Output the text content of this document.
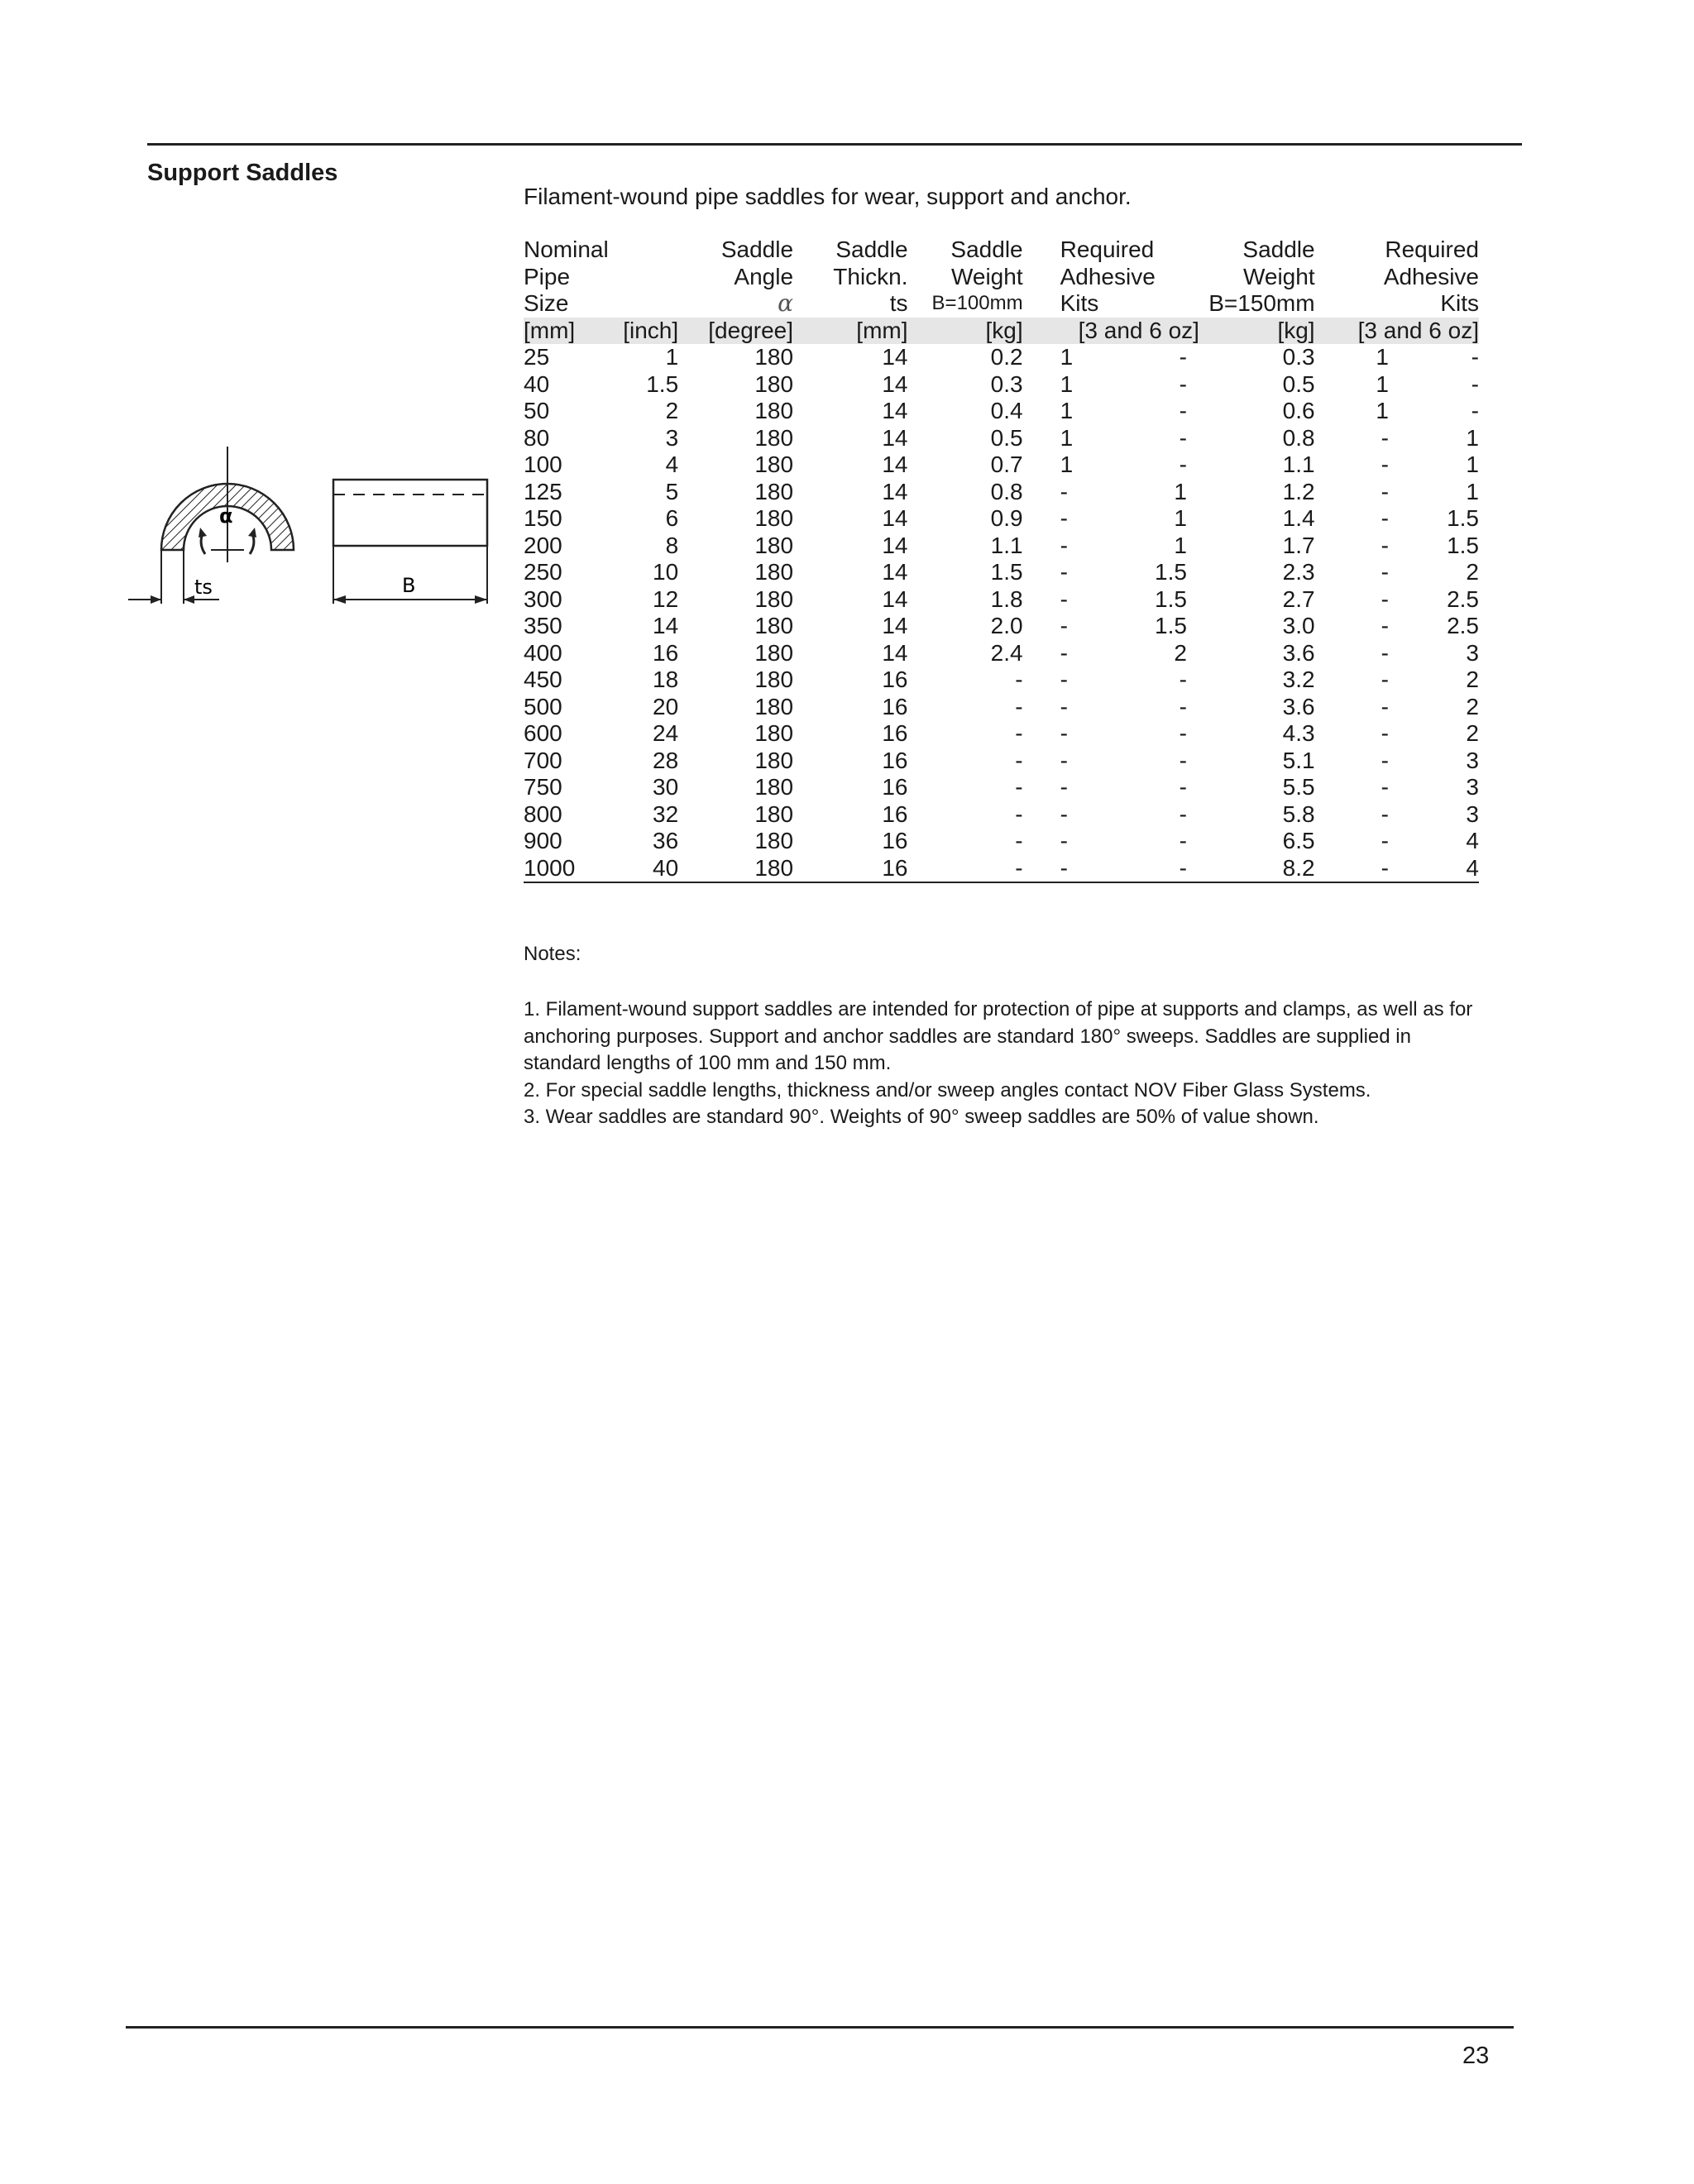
Support Saddles
Filament-wound pipe saddles for wear, support and anchor.
α
ts	B
Nominal		Saddle	Saddle	Saddle	Required		Saddle	Required	
Pipe		Angle	Thickn.	Weight	Adhesive		Weight	Adhesive	
Size		α	ts	B=100mm	Kits		B=150mm	Kits	
[mm]	[inch]	[degree]	[mm]	[kg]	[3 and 6 oz]		[kg]	[3 and 6 oz]	
25	1	180	14	0.2	1	-	0.3	1	-
40	1.5	180	14	0.3	1	-	0.5	1	-
50	2	180	14	0.4	1	-	0.6	1	-
80	3	180	14	0.5	1	-	0.8	-	1
100	4	180	14	0.7	1	-	1.1	-	1
125	5	180	14	0.8	-	1	1.2	-	1
150	6	180	14	0.9	-	1	1.4	-	1.5
200	8	180	14	1.1	-	1	1.7	-	1.5
250	10	180	14	1.5	-	1.5	2.3	-	2
300	12	180	14	1.8	-	1.5	2.7	-	2.5
350	14	180	14	2.0	-	1.5	3.0	-	2.5
400	16	180	14	2.4	-	2	3.6	-	3
450	18	180	16	-	-	-	3.2	-	2
500	20	180	16	-	-	-	3.6	-	2
600	24	180	16	-	-	-	4.3	-	2
700	28	180	16	-	-	-	5.1	-	3
750	30	180	16	-	-	-	5.5	-	3
800	32	180	16	-	-	-	5.8	-	3
900	36	180	16	-	-	-	6.5	-	4
1000	40	180	16	-	-	-	8.2	-	4
Notes:

1. Filament-wound support saddles are intended for protection of pipe at supports and clamps, as well as for anchoring purposes. Support and anchor saddles are standard 180° sweeps. Saddles are supplied in standard lengths of 100 mm and 150 mm.

2. For special saddle lengths, thickness and/or sweep angles contact NOV Fiber Glass Systems.

3. Wear saddles are standard 90°. Weights of 90° sweep saddles are 50% of value shown.

23
